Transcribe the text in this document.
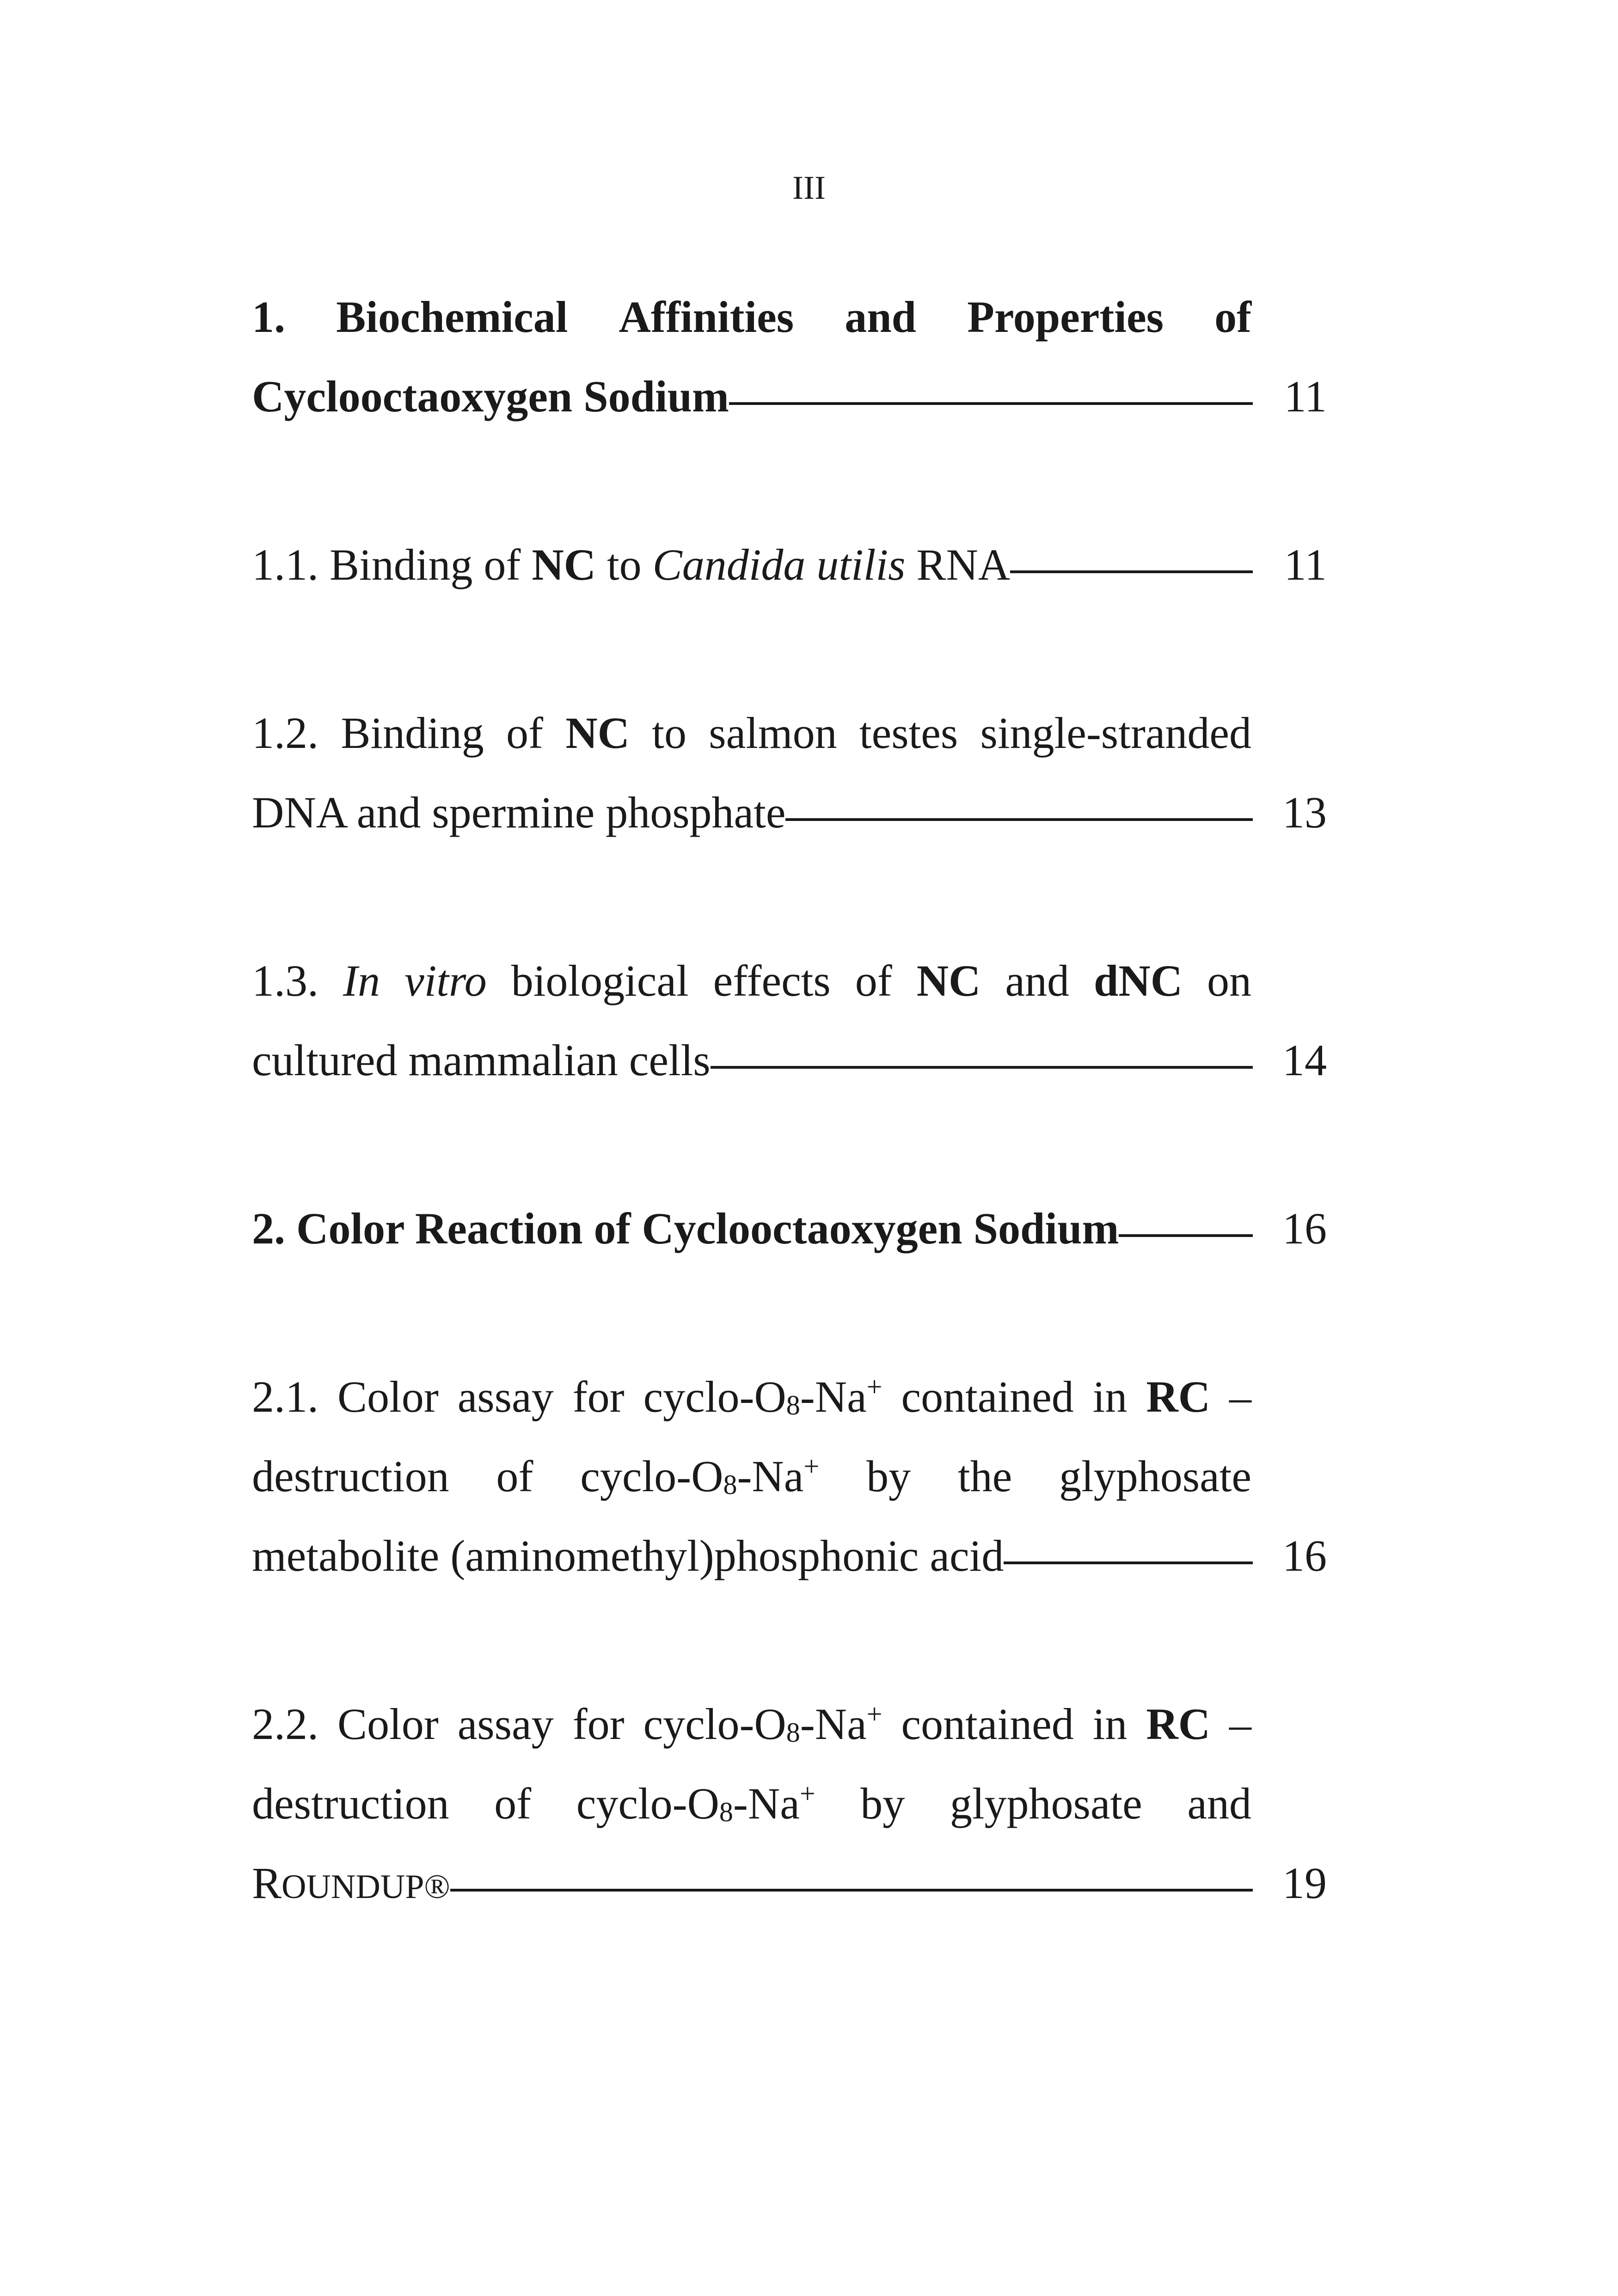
III

1. Biochemical Affinities and Properties of

Cyclooctaoxygen Sodium	11
1.1. Binding of NC to Candida utilis RNA	11

1.2. Binding of NC to salmon testes single-stranded

DNA and spermine phosphate	13

1.3. In vitro biological effects of NC and dNC on

cultured mammalian cells	14
2. Color Reaction of Cyclooctaoxygen Sodium	16

2.1. Color assay for cyclo-$O_8-Na^+$ contained in RC –

destruction of cyclo-$O_8-Na^+$ by the glyphosate

metabolite (aminomethyl)phosphonic acid	16

2.2. Color assay for cyclo-$O_8-Na^+$ contained in RC –

destruction of cyclo-$O_8-Na^+$ by glyphosate and

ROUNDUP®	19
